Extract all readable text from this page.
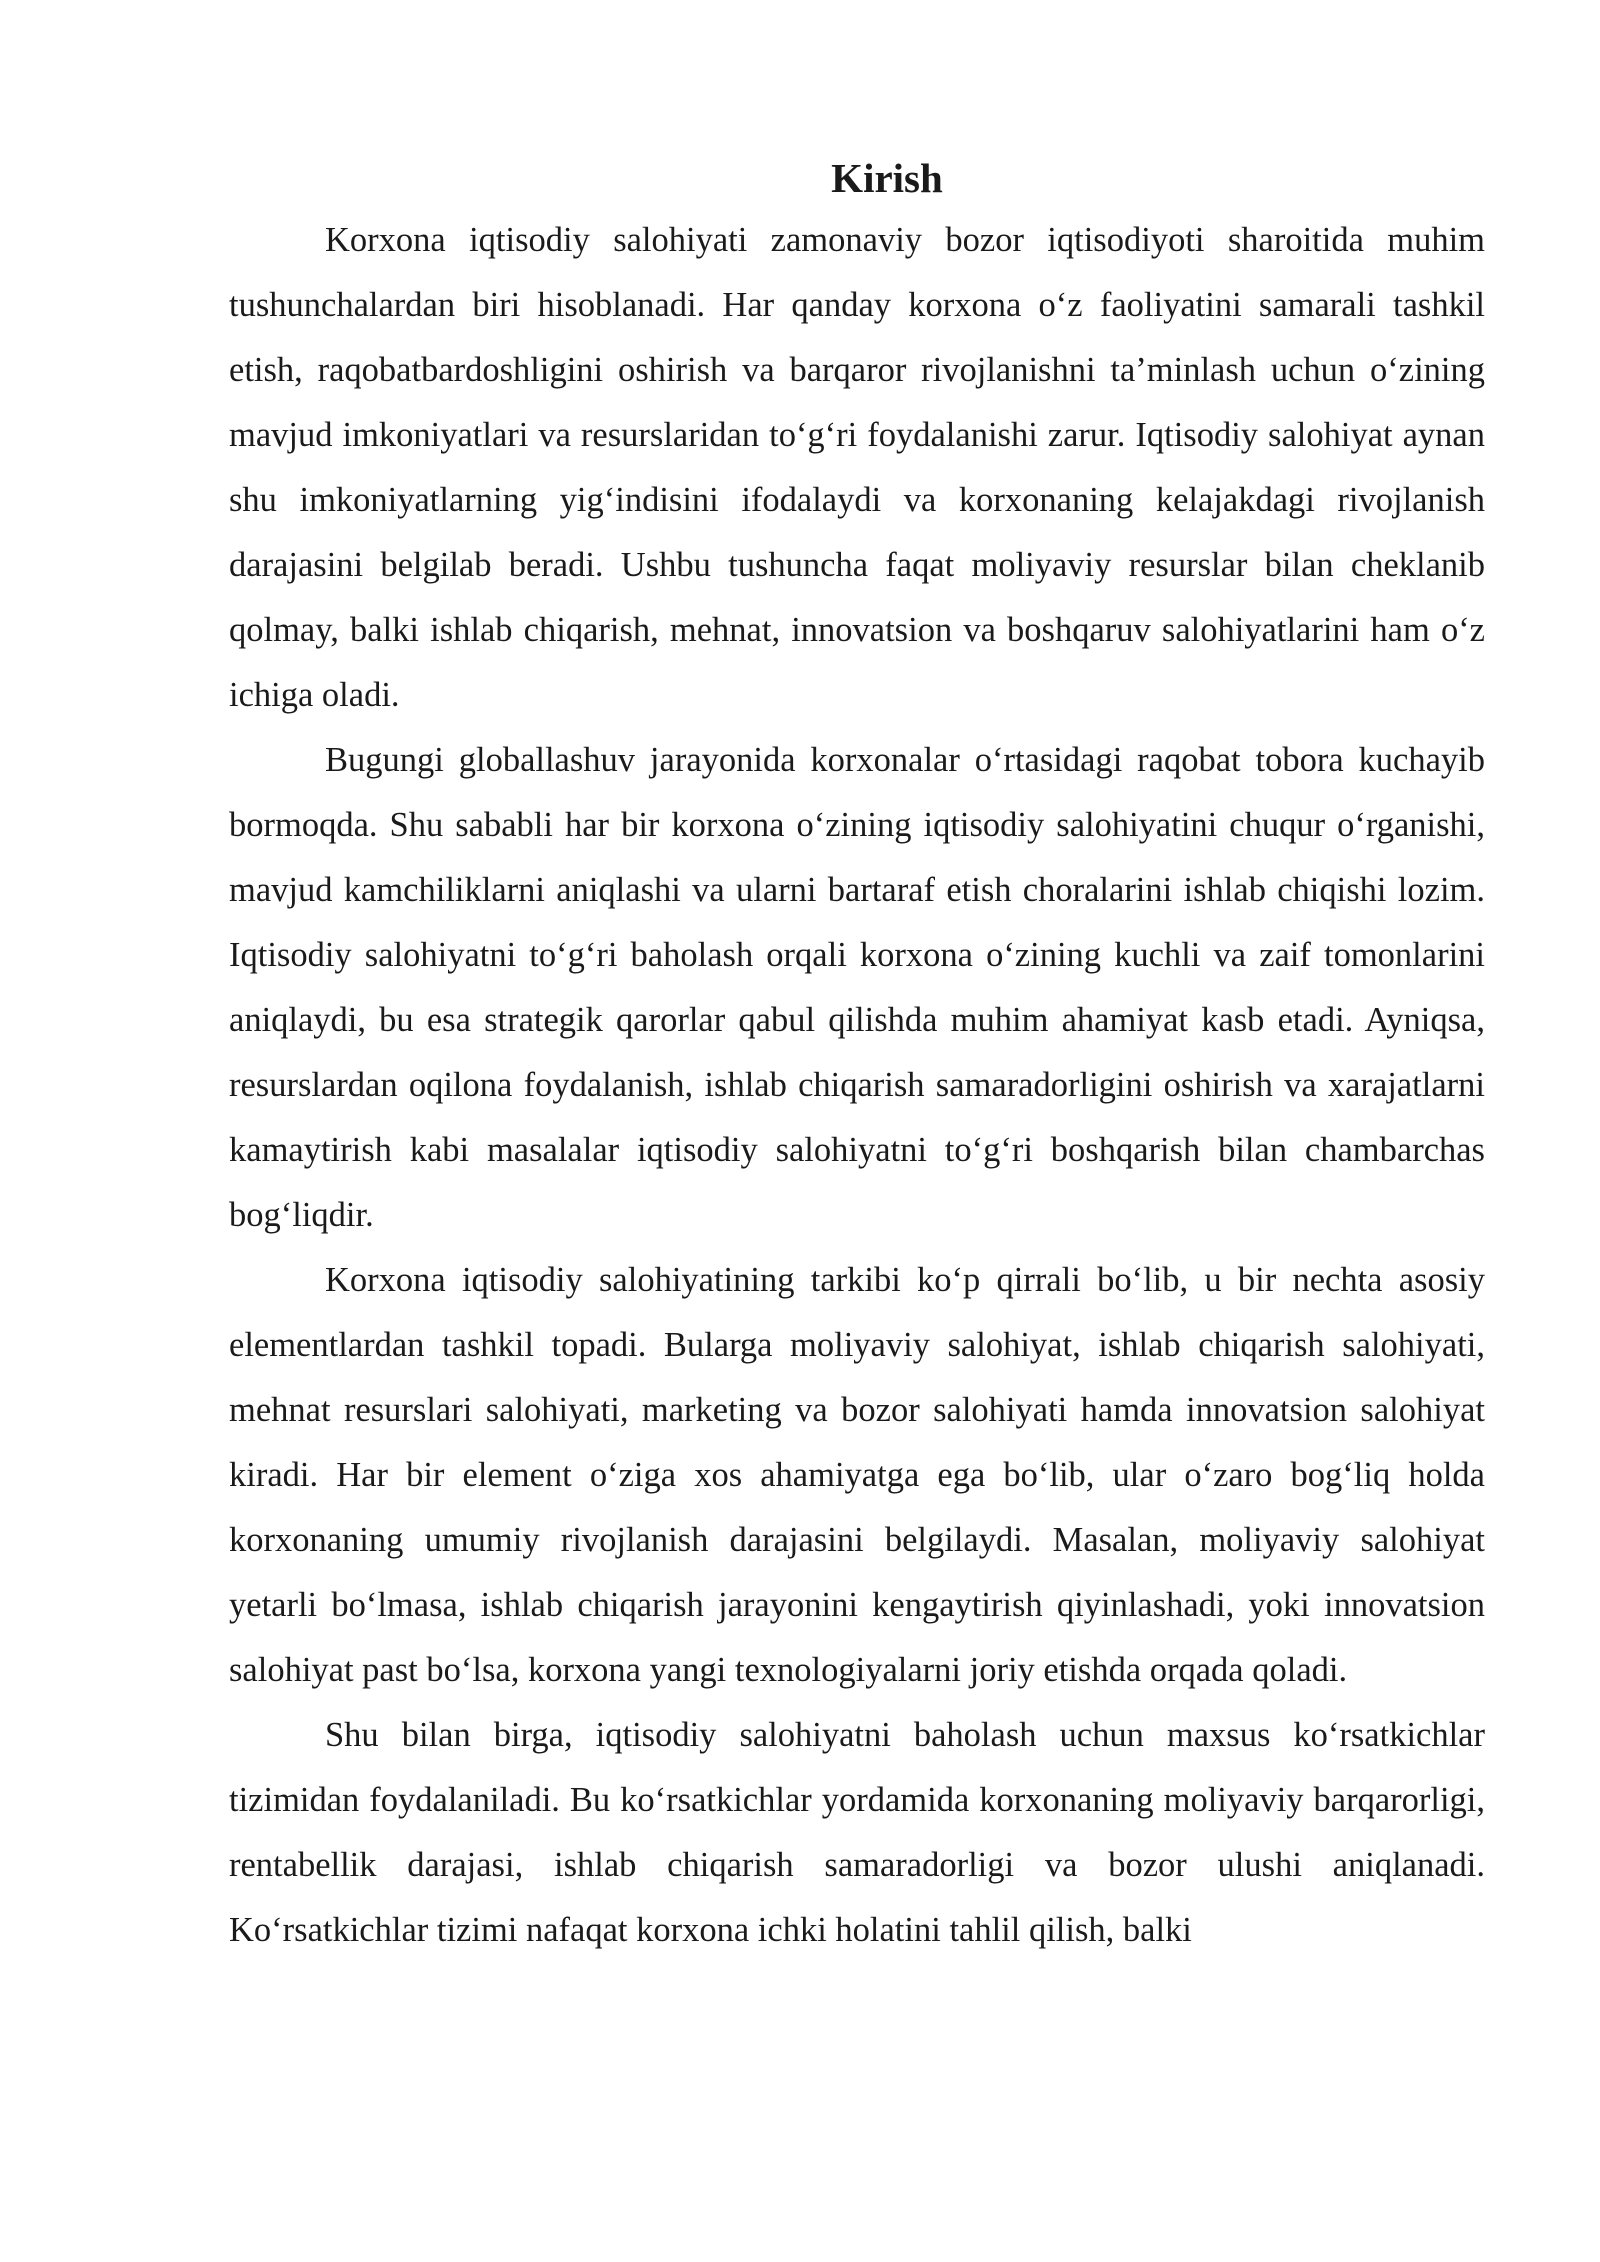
Kirish

Korxona iqtisodiy salohiyati zamonaviy bozor iqtisodiyoti sharoitida muhim tushunchalardan biri hisoblanadi. Har qanday korxona o‘z faoliyatini samarali tashkil etish, raqobatbardoshligini oshirish va barqaror rivojlanishni ta’minlash uchun o‘zining mavjud imkoniyatlari va resurslaridan to‘g‘ri foydalanishi zarur. Iqtisodiy salohiyat aynan shu imkoniyatlarning yig‘indisini ifodalaydi va korxonaning kelajakdagi rivojlanish darajasini belgilab beradi. Ushbu tushuncha faqat moliyaviy resurslar bilan cheklanib qolmay, balki ishlab chiqarish, mehnat, innovatsion va boshqaruv salohiyatlarini ham o‘z ichiga oladi.

Bugungi globallashuv jarayonida korxonalar o‘rtasidagi raqobat tobora kuchayib bormoqda. Shu sababli har bir korxona o‘zining iqtisodiy salohiyatini chuqur o‘rganishi, mavjud kamchiliklarni aniqlashi va ularni bartaraf etish choralarini ishlab chiqishi lozim. Iqtisodiy salohiyatni to‘g‘ri baholash orqali korxona o‘zining kuchli va zaif tomonlarini aniqlaydi, bu esa strategik qarorlar qabul qilishda muhim ahamiyat kasb etadi. Ayniqsa, resurslardan oqilona foydalanish, ishlab chiqarish samaradorligini oshirish va xarajatlarni kamaytirish kabi masalalar iqtisodiy salohiyatni to‘g‘ri boshqarish bilan chambarchas bog‘liqdir.

Korxona iqtisodiy salohiyatining tarkibi ko‘p qirrali bo‘lib, u bir nechta asosiy elementlardan tashkil topadi. Bularga moliyaviy salohiyat, ishlab chiqarish salohiyati, mehnat resurslari salohiyati, marketing va bozor salohiyati hamda innovatsion salohiyat kiradi. Har bir element o‘ziga xos ahamiyatga ega bo‘lib, ular o‘zaro bog‘liq holda korxonaning umumiy rivojlanish darajasini belgilaydi. Masalan, moliyaviy salohiyat yetarli bo‘lmasa, ishlab chiqarish jarayonini kengaytirish qiyinlashadi, yoki innovatsion salohiyat past bo‘lsa, korxona yangi texnologiyalarni joriy etishda orqada qoladi.

Shu bilan birga, iqtisodiy salohiyatni baholash uchun maxsus ko‘rsatkichlar tizimidan foydalaniladi. Bu ko‘rsatkichlar yordamida korxonaning moliyaviy barqarorligi, rentabellik darajasi, ishlab chiqarish samaradorligi va bozor ulushi aniqlanadi. Ko‘rsatkichlar tizimi nafaqat korxona ichki holatini tahlil qilish, balki
